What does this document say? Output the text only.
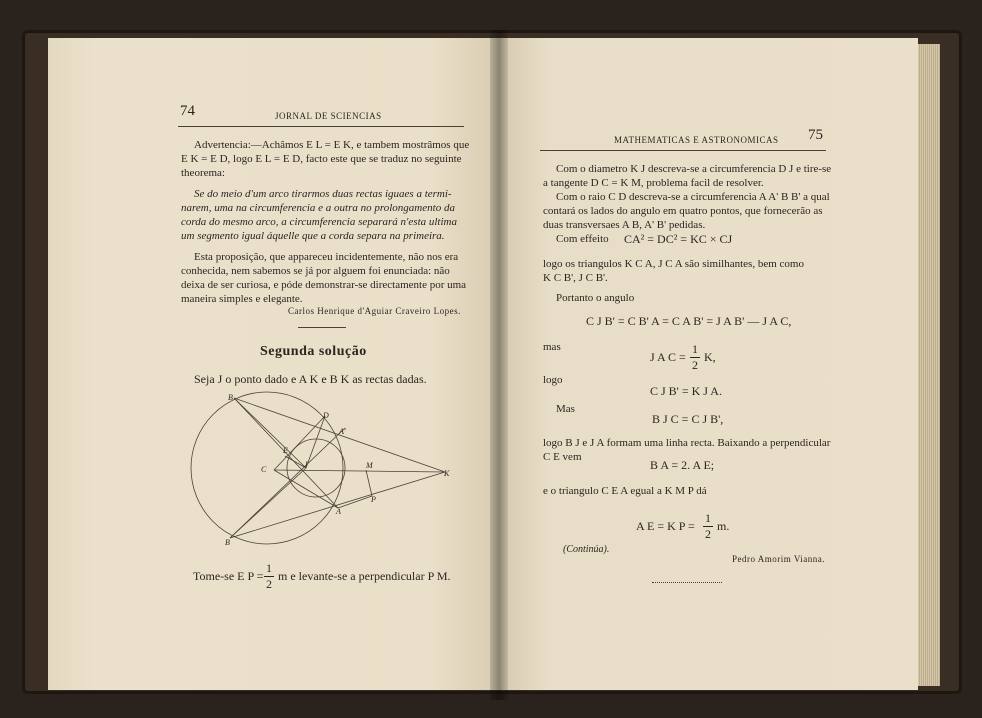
74	JORNAL DE SCIENCIAS
Advertencia:—Achâmos E L = E K, e tambem mostrâmos que
E K = E D, logo E L = E D, facto este que se traduz no seguinte
theorema:
Se do meio d'um arco tirarmos duas rectas iguaes a termi-
narem, uma na circumferencia e a outra no prolongamento da
corda do mesmo arco, a circumferencia separará n'esta ultima
um segmento igual áquelle que a corda separa na primeira.
Esta proposição, que appareceu incidentemente, não nos era
conhecida, nem sabemos se já por alguem foi enunciada: não
deixa de ser curiosa, e póde demonstrar-se directamente por uma
maneira simples e elegante.
Carlos Henrique d'Aguiar Craveiro Lopes.
Segunda solução
Seja J o ponto dado e A K e B K as rectas dadas.
B
D
A'
E
C
J	M
K
P
A
B
Tome-se E P =
1
2
m e levante-se a perpendicular P M.
MATHEMATICAS E ASTRONOMICAS 75
Com o diametro K J descreva-se a circumferencia D J e tire-se
a tangente D C = K M, problema facil de resolver.
Com o raio C D descreva-se a circumferencia A A' B B' a qual
contará os lados do angulo em quatro pontos, que fornecerão as
duas transversaes A B, A' B' pedidas.
Com effeito CA² = DC² = KC × CJ
logo os triangulos K C A, J C A são similhantes, bem como
K C B', J C B'.
Portanto o angulo
C J B' = C B' A = C A B' = J A B' — J A C,
mas
J A C =
1
2
K,
logo
C J B' = K J A.
Mas
B J C = C J B',
logo B J e J A formam uma linha recta. Baixando a perpendicular
C E vem
B A = 2. A E;
e o triangulo C E A egual a K M P dá
A E = K P =
1
2
m.
(Continúa).
Pedro Amorim Vianna.
